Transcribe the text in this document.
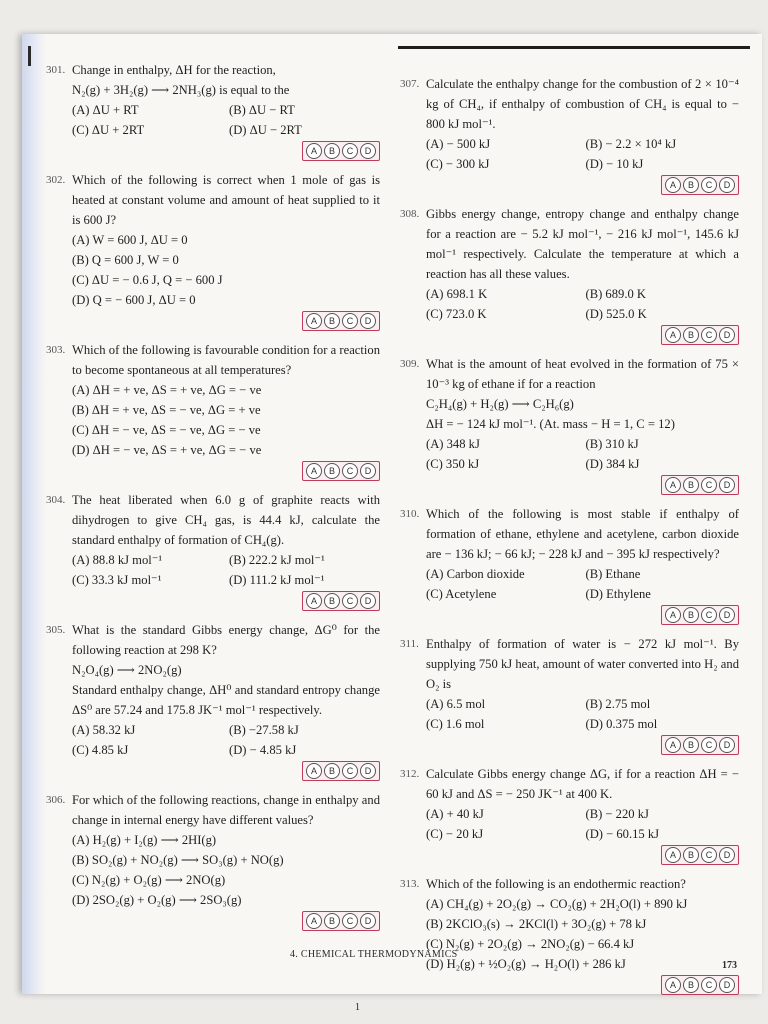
301. Change in enthalpy, ΔH for the reaction,
N₂(g) + 3H₂(g) ⟶ 2NH₃(g) is equal to the
(A) ΔU + RT	(B) ΔU − RT
(C) ΔU + 2RT	(D) ΔU − 2RT
A	B	C	D
302. Which of the following is correct when 1 mole of gas is heated at constant volume and amount of heat supplied to it is 600 J?
(A) W = 600 J, ΔU = 0
(B) Q = 600 J, W = 0
(C) ΔU = − 0.6 J, Q = − 600 J
(D) Q = − 600 J, ΔU = 0
A	B	C	D
303. Which of the following is favourable condition for a reaction to become spontaneous at all temperatures?
(A) ΔH = + ve, ΔS = + ve, ΔG = − ve
(B) ΔH = + ve, ΔS = − ve, ΔG = + ve
(C) ΔH = − ve, ΔS = − ve, ΔG = − ve
(D) ΔH = − ve, ΔS = + ve, ΔG = − ve
A	B	C	D
304. The heat liberated when 6.0 g of graphite reacts with dihydrogen to give CH₄ gas, is 44.4 kJ, calculate the standard enthalpy of formation of CH₄(g).
(A) 88.8 kJ mol⁻¹	(B) 222.2 kJ mol⁻¹
(C) 33.3 kJ mol⁻¹	(D) 111.2 kJ mol⁻¹
A	B	C	D
305. What is the standard Gibbs energy change, ΔG⁰ for the following reaction at 298 K?
N₂O₄(g) ⟶ 2NO₂(g)
Standard enthalpy change, ΔH⁰ and standard entropy change ΔS⁰ are 57.24 and 175.8 JK⁻¹ mol⁻¹ respectively.
(A) 58.32 kJ	(B) −27.58 kJ
(C) 4.85 kJ	(D) − 4.85 kJ
A	B	C	D
306. For which of the following reactions, change in enthalpy and change in internal energy have different values?
(A) H₂(g) + I₂(g) ⟶ 2HI(g)
(B) SO₂(g) + NO₂(g) ⟶ SO₃(g) + NO(g)
(C) N₂(g) + O₂(g) ⟶ 2NO(g)
(D) 2SO₂(g) + O₂(g) ⟶ 2SO₃(g)
A	B	C	D
307. Calculate the enthalpy change for the combustion of 2 × 10⁻⁴ kg of CH₄, if enthalpy of combustion of CH₄ is equal to − 800 kJ mol⁻¹.
(A) − 500 kJ	(B) − 2.2 × 10⁴ kJ
(C) − 300 kJ	(D) − 10 kJ
A	B	C	D
308. Gibbs energy change, entropy change and enthalpy change for a reaction are − 5.2 kJ mol⁻¹, − 216 kJ mol⁻¹, 145.6 kJ mol⁻¹ respectively. Calculate the temperature at which a reaction has all these values.
(A) 698.1 K	(B) 689.0 K
(C) 723.0 K	(D) 525.0 K
A	B	C	D
309. What is the amount of heat evolved in the formation of 75 × 10⁻³ kg of ethane if for a reaction
C₂H₄(g) + H₂(g) ⟶ C₂H₆(g)
ΔH = − 124 kJ mol⁻¹. (At. mass − H = 1, C = 12)
(A) 348 kJ	(B) 310 kJ
(C) 350 kJ	(D) 384 kJ
A	B	C	D
310. Which of the following is most stable if enthalpy of formation of ethane, ethylene and acetylene, carbon dioxide are − 136 kJ; − 66 kJ; − 228 kJ and − 395 kJ respectively?
(A) Carbon dioxide	(B) Ethane
(C) Acetylene	(D) Ethylene
A	B	C	D
311. Enthalpy of formation of water is − 272 kJ mol⁻¹. By supplying 750 kJ heat, amount of water converted into H₂ and O₂ is
(A) 6.5 mol	(B) 2.75 mol
(C) 1.6 mol	(D) 0.375 mol
A	B	C	D
312. Calculate Gibbs energy change ΔG, if for a reaction ΔH = − 60 kJ and ΔS = − 250 JK⁻¹ at 400 K.
(A) + 40 kJ	(B) − 220 kJ
(C) − 20 kJ	(D) − 60.15 kJ
A	B	C	D
313. Which of the following is an endothermic reaction?
(A) CH₄(g) + 2O₂(g) → CO₂(g) + 2H₂O(l) + 890 kJ
(B) 2KClO₃(s) → 2KCl(l) + 3O₂(g) + 78 kJ
(C) N₂(g) + 2O₂(g) → 2NO₂(g) − 66.4 kJ
(D) H₂(g) + ½O₂(g) → H₂O(l) + 286 kJ
A	B	C	D
4. CHEMICAL THERMODYNAMICS
173
1
